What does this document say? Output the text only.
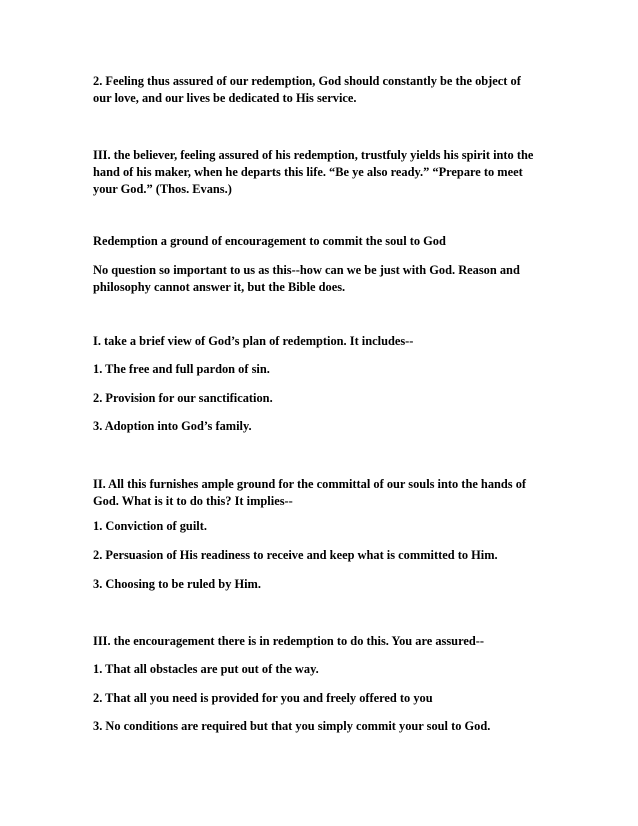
2. Feeling thus assured of our redemption, God should constantly be the object of
our love, and our lives be dedicated to His service.

III. the believer, feeling assured of his redemption, trustfuly yields his spirit into the
hand of his maker, when he departs this life. “Be ye also ready.” “Prepare to meet
your God.” (Thos. Evans.)

Redemption a ground of encouragement to commit the soul to God

No question so important to us as this--how can we be just with God. Reason and
philosophy cannot answer it, but the Bible does.

I. take a brief view of God’s plan of redemption. It includes--

1. The free and full pardon of sin.

2. Provision for our sanctification.

3. Adoption into God’s family.

II. All this furnishes ample ground for the committal of our souls into the hands of
God. What is it to do this? It implies--

1. Conviction of guilt.

2. Persuasion of His readiness to receive and keep what is committed to Him.

3. Choosing to be ruled by Him.

III. the encouragement there is in redemption to do this. You are assured--

1. That all obstacles are put out of the way.

2. That all you need is provided for you and freely offered to you

3. No conditions are required but that you simply commit your soul to God.
